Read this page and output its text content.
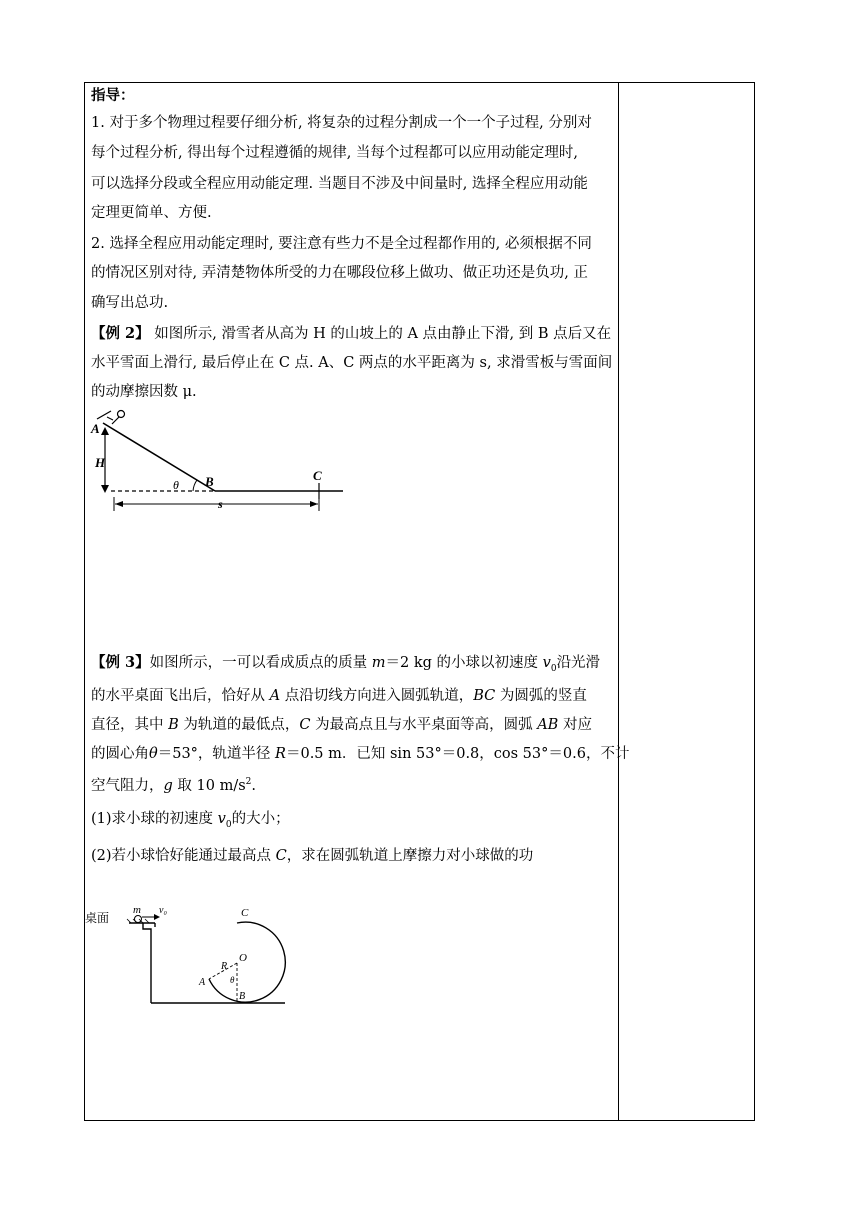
指导：

1. 对于多个物理过程要仔细分析, 将复杂的过程分割成一个一个子过程, 分别对

每个过程分析, 得出每个过程遵循的规律, 当每个过程都可以应用动能定理时,

可以选择分段或全程应用动能定理. 当题目不涉及中间量时, 选择全程应用动能

定理更简单、方便.

2. 选择全程应用动能定理时, 要注意有些力不是全过程都作用的, 必须根据不同

的情况区别对待, 弄清楚物体所受的力在哪段位移上做功、做正功还是负功, 正

确写出总功.

【例 2】 如图所示, 滑雪者从高为 H 的山坡上的 A 点由静止下滑, 到 B 点后又在

水平雪面上滑行, 最后停止在 C 点. A、C 两点的水平距离为 s, 求滑雪板与雪面间

的动摩擦因数 μ.

A
H
θ B	C
s

【例 3】如图所示，一可以看成质点的质量 m＝2 kg 的小球以初速度 $v_0$沿光滑

的水平桌面飞出后，恰好从 A 点沿切线方向进入圆弧轨道，BC 为圆弧的竖直

直径，其中 B 为轨道的最低点，C 为最高点且与水平桌面等高，圆弧 AB 对应

的圆心角θ＝53°，轨道半径 R＝0.5 m．已知 sin 53°＝0.8，cos 53°＝0.6，不计

空气阻力，g 取 10 $m/s^2$.

(1)求小球的初速度 $v_0$的大小；

(2)若小球恰好能通过最高点 C，求在圆弧轨道上摩擦力对小球做的功

桌面
m v₀	C
O
R
A	θ
B
